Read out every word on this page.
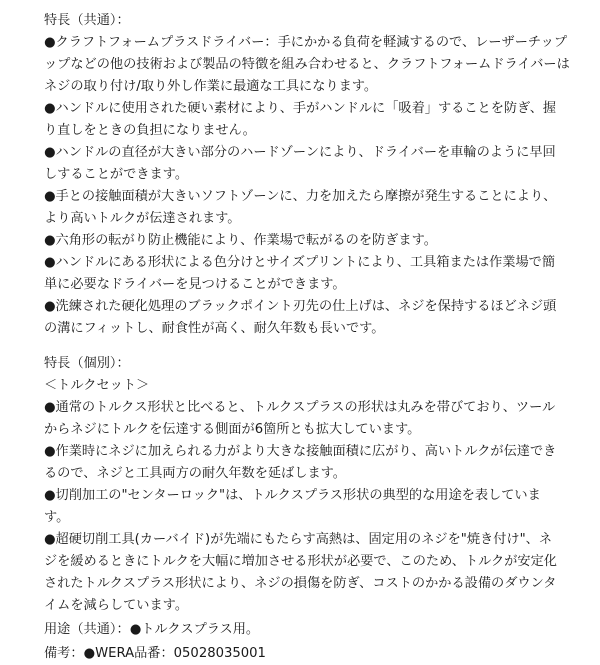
特長（共通）：
●クラフトフォームプラスドライバー：手にかかる負荷を軽減するので、レーザーチップ
ップなどの他の技術および製品の特徴を組み合わせると、クラフトフォームドライバーは
ネジの取り付け/取り外し作業に最適な工具になります。
●ハンドルに使用された硬い素材により、手がハンドルに「吸着」することを防ぎ、握
り直しをときの負担になりません。
●ハンドルの直径が大きい部分のハードゾーンにより、ドライバーを車輪のように早回
しすることができます。
●手との接触面積が大きいソフトゾーンに、力を加えたら摩擦が発生することにより、
より高いトルクが伝達されます。
●六角形の転がり防止機能により、作業場で転がるのを防ぎます。
●ハンドルにある形状による色分けとサイズプリントにより、工具箱または作業場で簡
単に必要なドライバーを見つけることができます。
●洗練された硬化処理のブラックポイント刃先の仕上げは、ネジを保持するほどネジ頭
の溝にフィットし、耐食性が高く、耐久年数も長いです。
特長（個別）：
＜トルクセット＞
●通常のトルクス形状と比べると、トルクスプラスの形状は丸みを帯びており、ツール
からネジにトルクを伝達する側面が6箇所とも拡大しています。
●作業時にネジに加えられる力がより大きな接触面積に広がり、高いトルクが伝達でき
るので、ネジと工具両方の耐久年数を延ばします。
●切削加工の"センターロック"は、トルクスプラス形状の典型的な用途を表していま
す。
●超硬切削工具(カーバイド)が先端にもたらす高熱は、固定用のネジを"焼き付け"、ネ
ジを緩めるときにトルクを大幅に増加させる形状が必要で、このため、トルクが安定化
されたトルクスプラス形状により、ネジの損傷を防ぎ、コストのかかる設備のダウンタ
イムを減らしています。
用途（共通）：●トルクスプラス用。
備考：●WERA品番：05028035001
